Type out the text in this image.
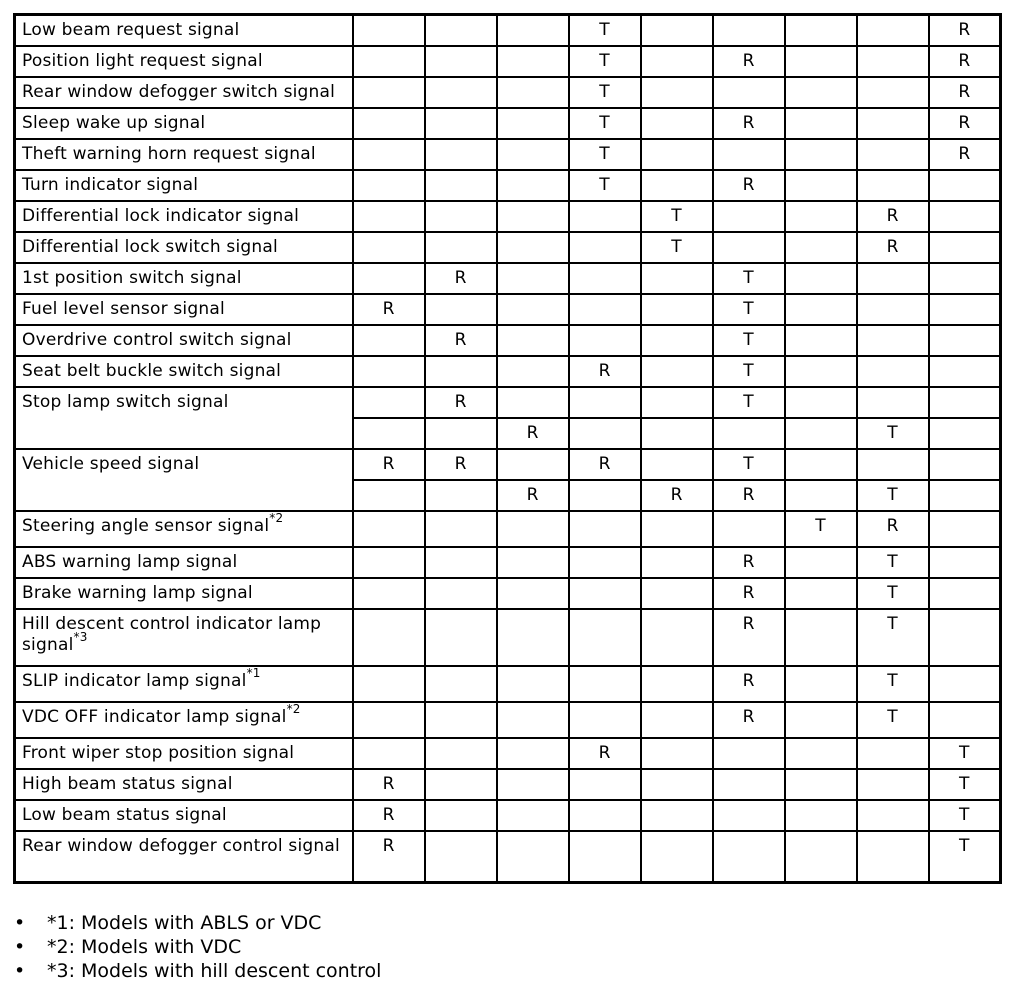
Low beam request signal				T					R
Position light request signal				T		R			R
Rear window defogger switch signal				T					R
Sleep wake up signal				T		R			R
Theft warning horn request signal				T					R
Turn indicator signal				T		R			
Differential lock indicator signal					T			R	
Differential lock switch signal					T			R	
1st position switch signal		R				T			
Fuel level sensor signal	R					T			
Overdrive control switch signal		R				T			
Seat belt buckle switch signal				R		T			
Stop lamp switch signal		R				T			
			R					T	
Vehicle speed signal	R	R		R		T			
			R		R	R		T	
Steering angle sensor signal$^{*2}$							T	R	
ABS warning lamp signal						R		T	
Brake warning lamp signal						R		T	
Hill descent control indicator lamp signal$^{*3}$						R		T	
SLIP indicator lamp signal$^{*1}$						R		T	
VDC OFF indicator lamp signal$^{*2}$						R		T	
Front wiper stop position signal				R					T
High beam status signal	R								T
Low beam status signal	R								T
Rear window defogger control signal	R								T
• *1: Models with ABLS or VDC
• *2: Models with VDC
• *3: Models with hill descent control
